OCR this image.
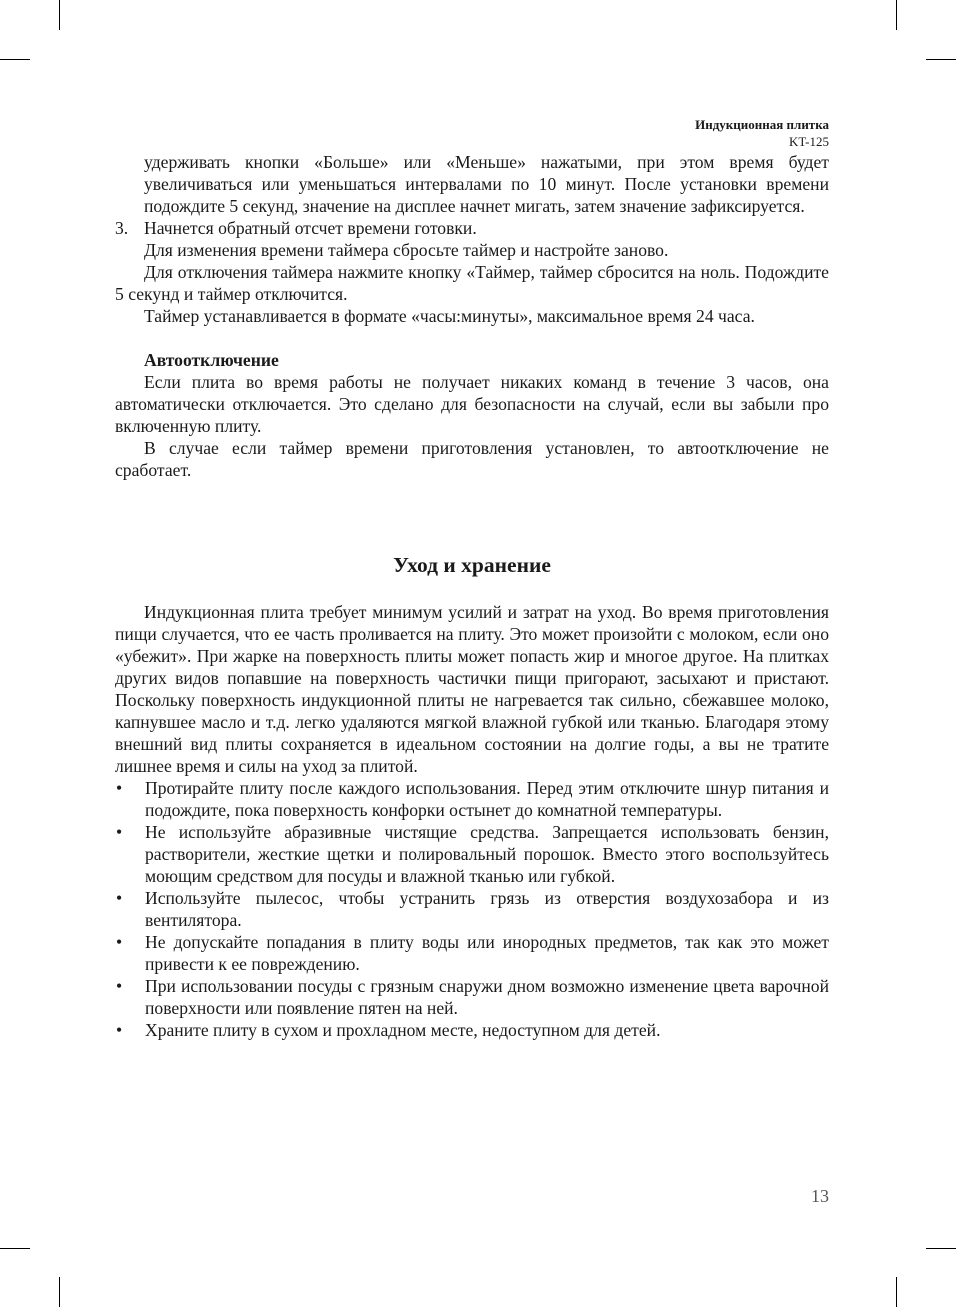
Индукционная плитка
KT-125

удерживать кнопки «Больше» или «Меньше» нажатыми, при этом время будет увеличиваться или уменьшаться интервалами по 10 минут. После установки времени подождите 5 секунд, значение на дисплее начнет мигать, затем значение зафиксируется.

3. Начнется обратный отсчет времени готовки.

Для изменения времени таймера сбросьте таймер и настройте заново.

Для отключения таймера нажмите кнопку «Таймер, таймер сбросится на ноль. Подождите 5 секунд и таймер отключится.

Таймер устанавливается в формате «часы:минуты», максимальное время 24 часа.

Автоотключение

Если плита во время работы не получает никаких команд в течение 3 часов, она автоматически отключается. Это сделано для безопасности на случай, если вы забыли про включенную плиту.

В случае если таймер времени приготовления установлен, то автоотключение не сработает.

Уход и хранение

Индукционная плита требует минимум усилий и затрат на уход. Во время приготовления пищи случается, что ее часть проливается на плиту. Это может произойти с молоком, если оно «убежит». При жарке на поверхность плиты может попасть жир и многое другое. На плитках других видов попавшие на поверхность частички пищи пригорают, засыхают и пристают. Поскольку поверхность индукционной плиты не нагревается так сильно, сбежавшее молоко, капнувшее масло и т.д. легко удаляются мягкой влажной губкой или тканью. Благодаря этому внешний вид плиты сохраняется в идеальном состоянии на долгие годы, а вы не тратите лишнее время и силы на уход за плитой.

•	Протирайте плиту после каждого использования. Перед этим отключите шнур питания и подождите, пока поверхность конфорки остынет до комнатной температуры.
•	Не используйте абразивные чистящие средства. Запрещается использовать бензин, растворители, жесткие щетки и полировальный порошок. Вместо этого воспользуйтесь моющим средством для посуды и влажной тканью или губкой.
•	Используйте пылесос, чтобы устранить грязь из отверстия воздухозабора и из вентилятора.
•	Не допускайте попадания в плиту воды или инородных предметов, так как это может привести к ее повреждению.
•	При использовании посуды с грязным снаружи дном возможно изменение цвета варочной поверхности или появление пятен на ней.
•	Храните плиту в сухом и прохладном месте, недоступном для детей.
13
